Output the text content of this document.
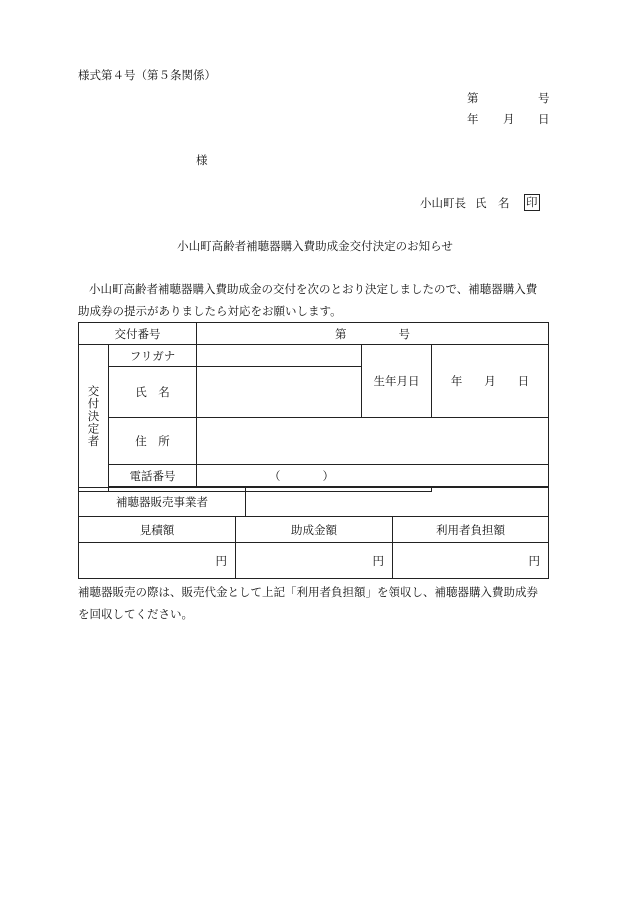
様式第４号（第５条関係）
第	号
年 月 日
様
小山町長 氏　名 印
小山町高齢者補聴器購入費助成金交付決定のお知らせ
小山町高齢者補聴器購入費助成金の交付を次のとおり決定しましたので、補聴器購入費
助成券の提示がありましたら対応をお願いします。
交付番号		第 号		
交付決定者	フリガナ		生年月日	年 月 日

	氏　名			
	住　所			
	電話番号	（ ）		

補聴器販売事業者	
見積額	助成金額	利用者負担額
円	円	円
補聴器販売の際は、販売代金として上記「利用者負担額」を領収し、補聴器購入費助成券
を回収してください。
